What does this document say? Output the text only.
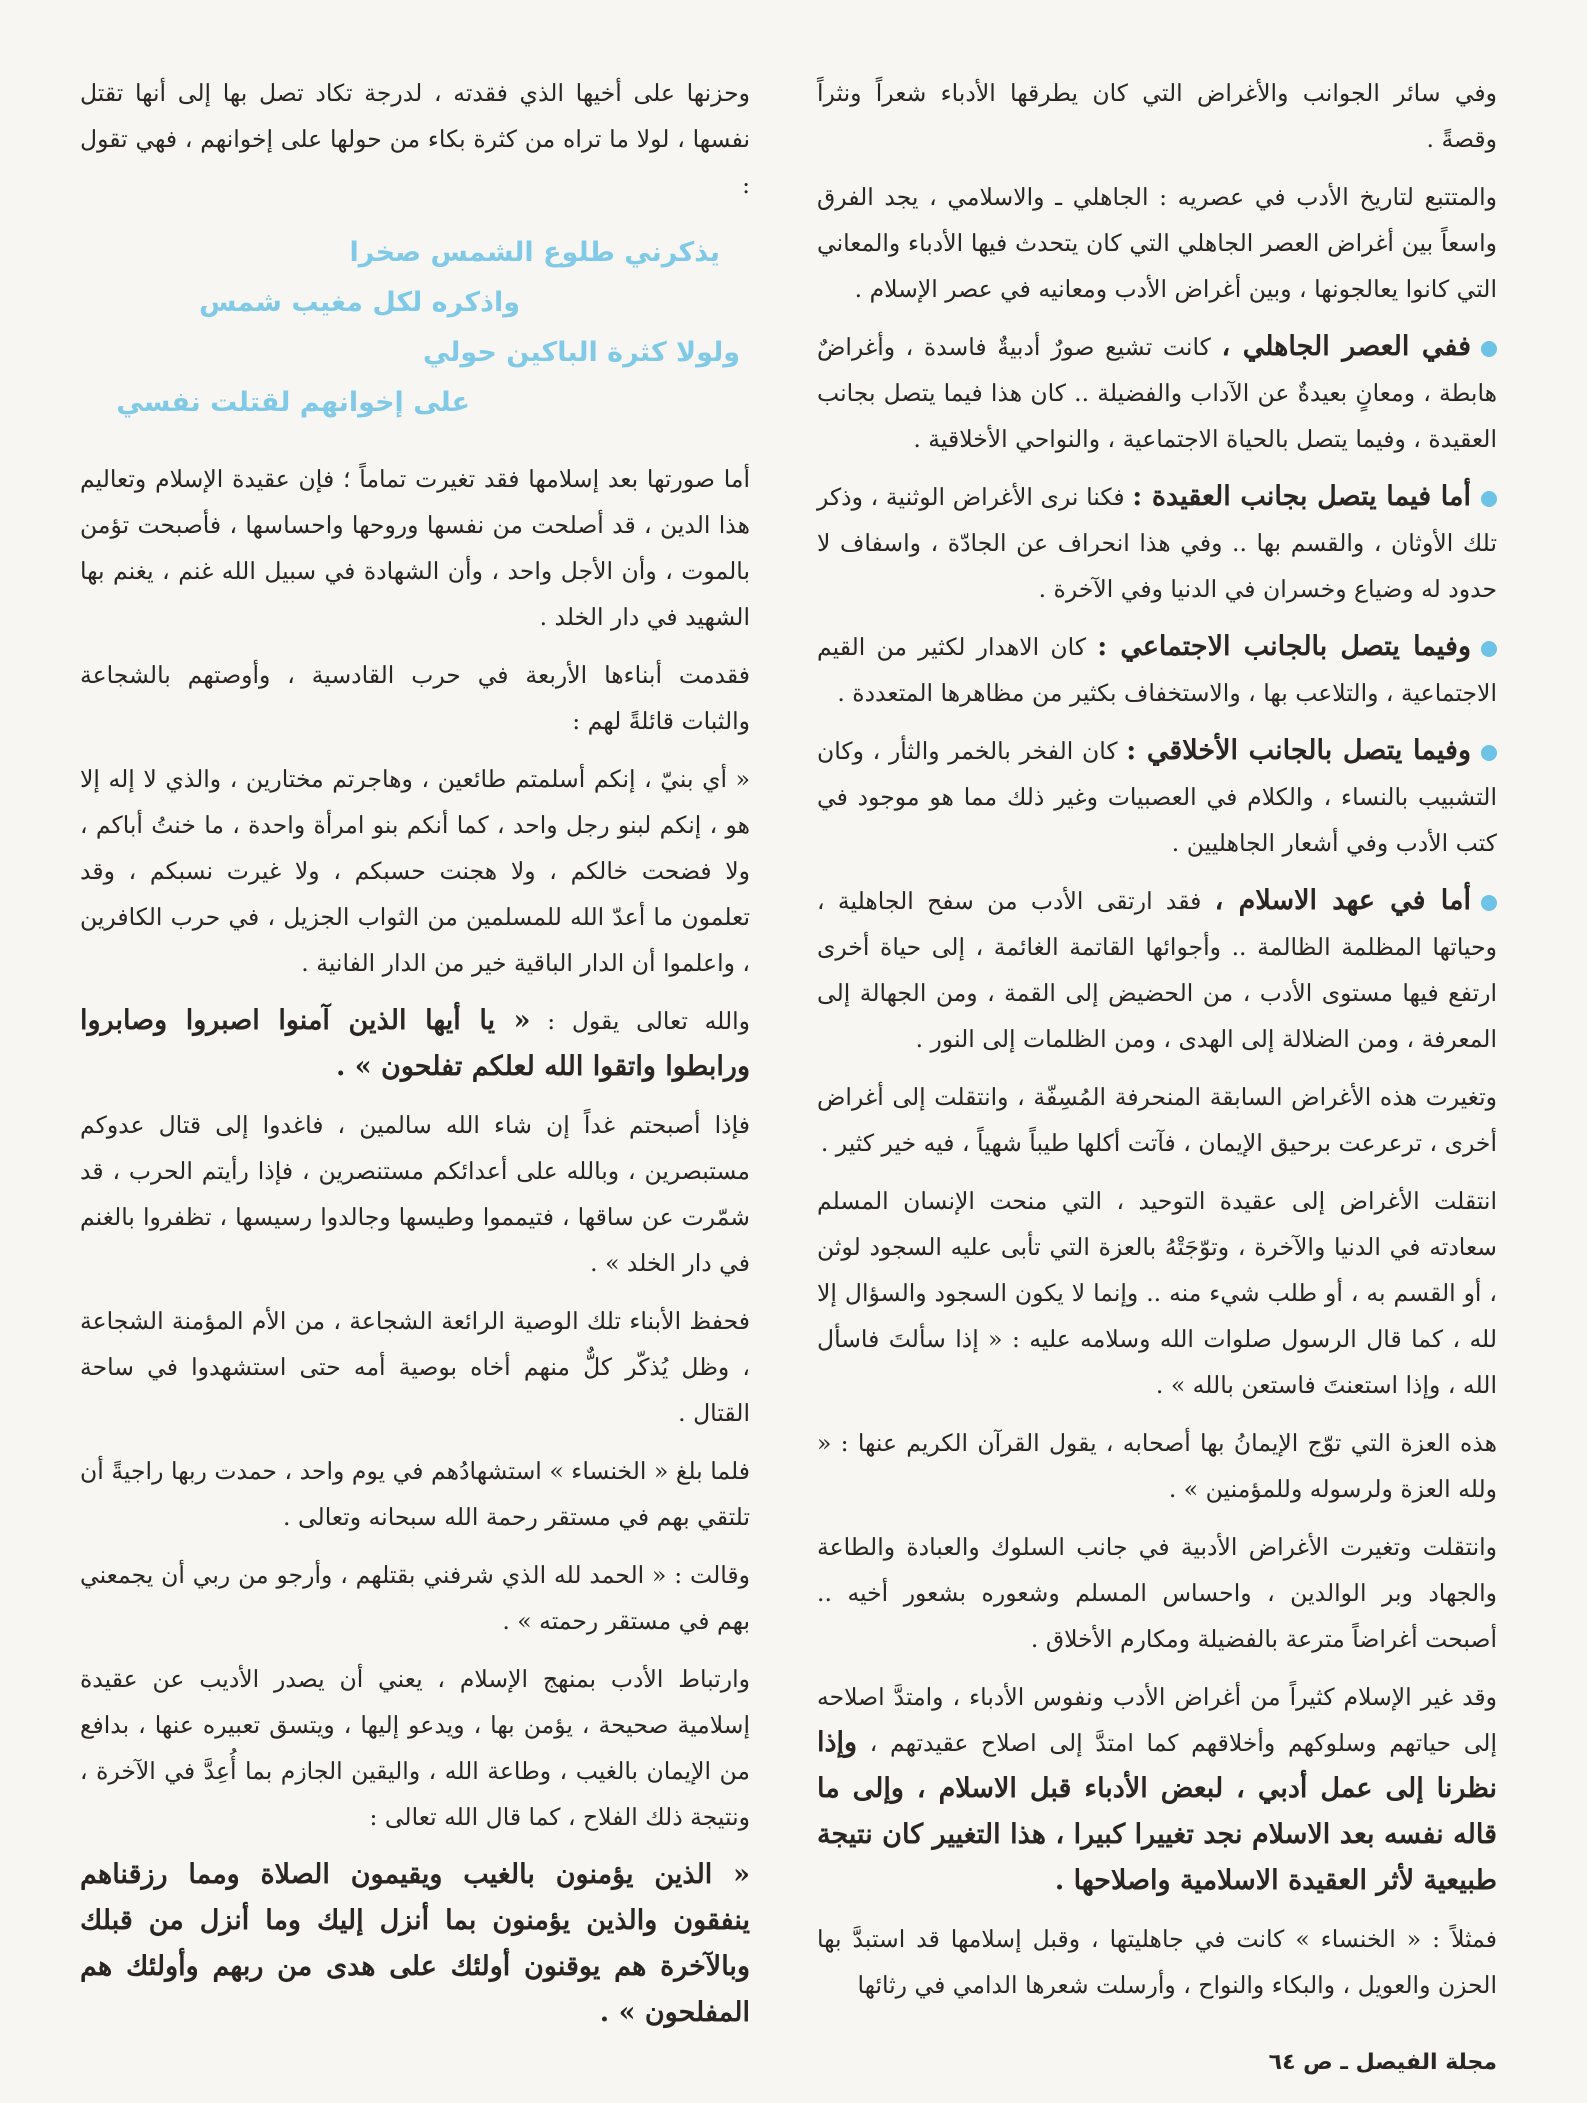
وفي سائر الجوانب والأغراض التي كان يطرقها الأدباء شعراً ونثراً وقصةً .

والمتتبع لتاريخ الأدب في عصريه : الجاهلي ـ والاسلامي ، يجد الفرق واسعاً بين أغراض العصر الجاهلي التي كان يتحدث فيها الأدباء والمعاني التي كانوا يعالجونها ، وبين أغراض الأدب ومعانيه في عصر الإسلام .

ففي العصر الجاهلي ، كانت تشيع صورٌ أدبيةٌ فاسدة ، وأغراضٌ هابطة ، ومعانٍ بعيدةٌ عن الآداب والفضيلة .. كان هذا فيما يتصل بجانب العقيدة ، وفيما يتصل بالحياة الاجتماعية ، والنواحي الأخلاقية .

أما فيما يتصل بجانب العقيدة : فكنا نرى الأغراض الوثنية ، وذكر تلك الأوثان ، والقسم بها .. وفي هذا انحراف عن الجادّة ، واسفاف لا حدود له وضياع وخسران في الدنيا وفي الآخرة .

وفيما يتصل بالجانب الاجتماعي : كان الاهدار لكثير من القيم الاجتماعية ، والتلاعب بها ، والاستخفاف بكثير من مظاهرها المتعددة .

وفيما يتصل بالجانب الأخلاقي : كان الفخر بالخمر والثأر ، وكان التشبيب بالنساء ، والكلام في العصبيات وغير ذلك مما هو موجود في كتب الأدب وفي أشعار الجاهليين .

أما في عهد الاسلام ، فقد ارتقى الأدب من سفح الجاهلية ، وحياتها المظلمة الظالمة .. وأجوائها القاتمة الغائمة ، إلى حياة أخرى ارتفع فيها مستوى الأدب ، من الحضيض إلى القمة ، ومن الجهالة إلى المعرفة ، ومن الضلالة إلى الهدى ، ومن الظلمات إلى النور .

وتغيرت هذه الأغراض السابقة المنحرفة المُسِفّة ، وانتقلت إلى أغراض أخرى ، ترعرعت برحيق الإيمان ، فآتت أكلها طيباً شهياً ، فيه خير كثير .

انتقلت الأغراض إلى عقيدة التوحيد ، التي منحت الإنسان المسلم سعادته في الدنيا والآخرة ، وتوّجَتْهُ بالعزة التي تأبى عليه السجود لوثن ، أو القسم به ، أو طلب شيء منه .. وإنما لا يكون السجود والسؤال إلا لله ، كما قال الرسول صلوات الله وسلامه عليه : « إذا سألتَ فاسأل الله ، وإذا استعنتَ فاستعن بالله » .

هذه العزة التي توّج الإيمانُ بها أصحابه ، يقول القرآن الكريم عنها : « ولله العزة ولرسوله وللمؤمنين » .

وانتقلت وتغيرت الأغراض الأدبية في جانب السلوك والعبادة والطاعة والجهاد وبر الوالدين ، واحساس المسلم وشعوره بشعور أخيه .. أصبحت أغراضاً مترعة بالفضيلة ومكارم الأخلاق .

وقد غير الإسلام كثيراً من أغراض الأدب ونفوس الأدباء ، وامتدَّ اصلاحه إلى حياتهم وسلوكهم وأخلاقهم كما امتدَّ إلى اصلاح عقيدتهم ، وإذا نظرنا إلى عمل أدبي ، لبعض الأدباء قبل الاسلام ، وإلى ما قاله نفسه بعد الاسلام نجد تغييرا كبيرا ، هذا التغيير كان نتيجة طبيعية لأثر العقيدة الاسلامية واصلاحها .

فمثلاً : « الخنساء » كانت في جاهليتها ، وقبل إسلامها قد استبدَّ بها الحزن والعويل ، والبكاء والنواح ، وأرسلت شعرها الدامي في رثائها

وحزنها على أخيها الذي فقدته ، لدرجة تكاد تصل بها إلى أنها تقتل نفسها ، لولا ما تراه من كثرة بكاء من حولها على إخوانهم ، فهي تقول :

يذكرني طلوع الشمس صخرا
واذكره لكل مغيب شمس
ولولا كثرة الباكين حولي
على إخوانهم لقتلت نفسي

أما صورتها بعد إسلامها فقد تغيرت تماماً ؛ فإن عقيدة الإسلام وتعاليم هذا الدين ، قد أصلحت من نفسها وروحها واحساسها ، فأصبحت تؤمن بالموت ، وأن الأجل واحد ، وأن الشهادة في سبيل الله غنم ، يغنم بها الشهيد في دار الخلد .

فقدمت أبناءها الأربعة في حرب القادسية ، وأوصتهم بالشجاعة والثبات قائلةً لهم :

« أي بنيّ ، إنكم أسلمتم طائعين ، وهاجرتم مختارين ، والذي لا إله إلا هو ، إنكم لبنو رجل واحد ، كما أنكم بنو امرأة واحدة ، ما خنتُ أباكم ، ولا فضحت خالكم ، ولا هجنت حسبكم ، ولا غيرت نسبكم ، وقد تعلمون ما أعدّ الله للمسلمين من الثواب الجزيل ، في حرب الكافرين ، واعلموا أن الدار الباقية خير من الدار الفانية .

والله تعالى يقول : « يا أيها الذين آمنوا اصبروا وصابروا ورابطوا واتقوا الله لعلكم تفلحون » .

فإذا أصبحتم غداً إن شاء الله سالمين ، فاغدوا إلى قتال عدوكم مستبصرين ، وبالله على أعدائكم مستنصرين ، فإذا رأيتم الحرب ، قد شمّرت عن ساقها ، فتيمموا وطيسها وجالدوا رسيسها ، تظفروا بالغنم في دار الخلد » .

فحفظ الأبناء تلك الوصية الرائعة الشجاعة ، من الأم المؤمنة الشجاعة ، وظل يُذكّر كلٌّ منهم أخاه بوصية أمه حتى استشهدوا في ساحة القتال .

فلما بلغ « الخنساء » استشهادُهم في يوم واحد ، حمدت ربها راجيةً أن تلتقي بهم في مستقر رحمة الله سبحانه وتعالى .

وقالت : « الحمد لله الذي شرفني بقتلهم ، وأرجو من ربي أن يجمعني بهم في مستقر رحمته » .

وارتباط الأدب بمنهج الإسلام ، يعني أن يصدر الأديب عن عقيدة إسلامية صحيحة ، يؤمن بها ، ويدعو إليها ، ويتسق تعبيره عنها ، بدافع من الإيمان بالغيب ، وطاعة الله ، واليقين الجازم بما أُعِدَّ في الآخرة ، ونتيجة ذلك الفلاح ، كما قال الله تعالى :

« الذين يؤمنون بالغيب ويقيمون الصلاة ومما رزقناهم ينفقون والذين يؤمنون بما أنزل إليك وما أنزل من قبلك وبالآخرة هم يوقنون أولئك على هدى من ربهم وأولئك هم المفلحون » .

مجلة الفيصل ـ ص ٦٤
